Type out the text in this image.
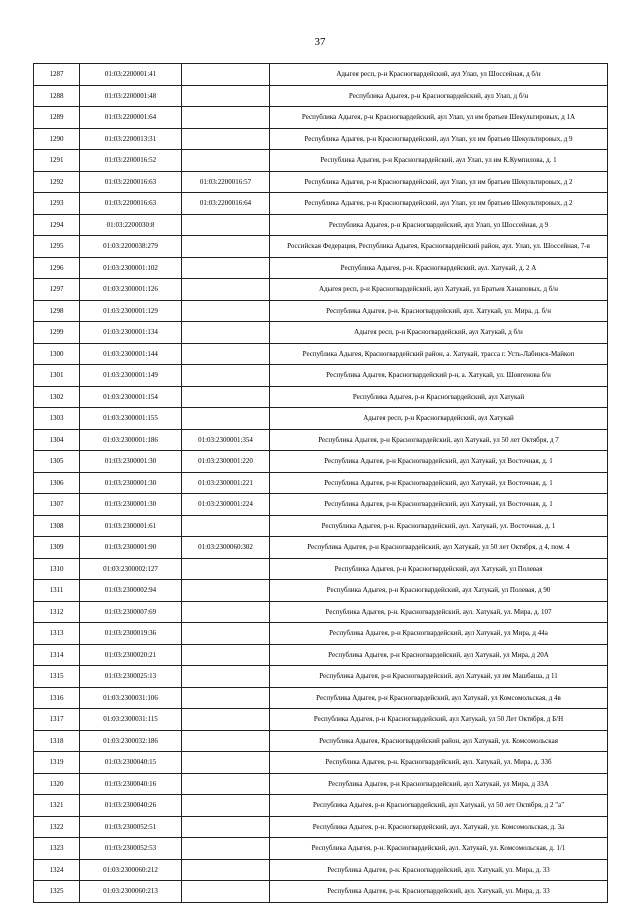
37
1287	01:03:2200001:41		Адыгея респ, р-н Красногвардейский, аул Улап, ул Шоссейная, д б/н
1288	01:03:2200001:48		Республика Адыгея, р-н Красногвардейский, аул Улап, д б/н
1289	01:03:2200001:64		Республика Адыгея, р-н Красногвардейский, аул Улап, ул им братьев Шекультировых, д 1А
1290	01:03:2200013:31		Республика Адыгея, р-н Красногвардейский, аул Улап, ул им братьев Шекультировых, д 9
1291	01:03:2200016:52		Республика Адыгея, р-н Красногвардейский, аул Улап, ул им К.Кумпилова, д. 1
1292	01:03:2200016:63	01:03:2200016:57	Республика Адыгея, р-н Красногвардейский, аул Улап, ул им братьев Шекультировых, д 2
1293	01:03:2200016:63	01:03:2200016:64	Республика Адыгея, р-н Красногвардейский, аул Улап, ул им братьев Шекультировых, д 2
1294	01:03:2200030:8		Республика Адыгея, р-н Красногвардейский, аул Улап, ул Шоссейная, д 9
1295	01:03:2200038:279		Российская Федерация, Республика Адыгея, Красногвардейский район, аул. Улап, ул. Шоссейная, 7-в
1296	01:03:2300001:102		Республика Адыгея, р-н. Красногвардейский, аул. Хатукай, д. 2 А
1297	01:03:2300001:126		Адыгея респ, р-н Красногвардейский, аул Хатукай, ул Братьев Ханаповых, д б/н
1298	01:03:2300001:129		Республика Адыгея, р-н. Красногвардейский, аул. Хатукай, ул. Мира, д. б/н
1299	01:03:2300001:134		Адыгея респ, р-н Красногвардейский, аул Хатукай, д б/н
1300	01:03:2300001:144		Республика Адыгея, Красногвардейский район, а. Хатукай, трасса г. Усть-Лабинск-Майкоп
1301	01:03:2300001:149		Республика Адыгея, Красногвардейский р-н, а. Хатукай, ул. Шовгенова б/н
1302	01:03:2300001:154		Республика Адыгея, р-н Красногвардейский, аул Хатукай
1303	01:03:2300001:155		Адыгея респ, р-н Красногвардейский, аул Хатукай
1304	01:03:2300001:186	01:03:2300001:354	Республика Адыгея, р-н Красногвардейский, аул Хатукай, ул 50 лет Октября, д 7
1305	01:03:2300001:30	01:03:2300001:220	Республика Адыгея, р-н Красногвардейский, аул Хатукай, ул Восточная, д. 1
1306	01:03:2300001:30	01:03:2300001:221	Республика Адыгея, р-н Красногвардейский, аул Хатукай, ул Восточная, д. 1
1307	01:03:2300001:30	01:03:2300001:224	Республика Адыгея, р-н Красногвардейский, аул Хатукай, ул Восточная, д. 1
1308	01:03:2300001:61		Республика Адыгея, р-н. Красногвардейский, аул. Хатукай, ул. Восточная, д. 1
1309	01:03:2300001:90	01:03:2300060:302	Республика Адыгея, р-н Красногвардейский, аул Хатукай, ул 50 лет Октября, д 4, пом. 4
1310	01:03:2300002:127		Республика Адыгея, р-н Красногвардейский, аул Хатукай, ул Полевая
1311	01:03:2300002:94		Республика Адыгея, р-н Красногвардейский, аул Хатукай, ул Полевая, д 90
1312	01:03:2300007:69		Республика Адыгея, р-н. Красногвардейский, аул. Хатукай, ул. Мира, д. 107
1313	01:03:2300019:36		Республика Адыгея, р-н Красногвардейский, аул Хатукай, ул Мира, д 44а
1314	01:03:2300020:21		Республика Адыгея, р-н Красногвардейский, аул Хатукай, ул Мира, д 20А
1315	01:03:2300025:13		Республика Адыгея, р-н Красногвардейский, аул Хатукай, ул им Машбаша, д 11
1316	01:03:2300031:106		Республика Адыгея, р-н Красногвардейский, аул Хатукай, ул Комсомольская, д 4в
1317	01:03:2300031:115		Республика Адыгея, р-н Красногвардейский, аул Хатукай, ул 50 Лет Октября, д Б/Н
1318	01:03:2300032:186		Республика Адыгея, Красногвардейский район, аул Хатукай, ул. Комсомольская
1319	01:03:2300040:15		Республика Адыгея, р-н. Красногвардейский, аул. Хатукай, ул. Мира, д. 33б
1320	01:03:2300040:16		Республика Адыгея, р-н Красногвардейский, аул Хатукай, ул Мира, д 33А
1321	01:03:2300040:26		Республика Адыгея, р-н Красногвардейский, аул Хатукай, ул 50 лет Октября, д 2 "а"
1322	01:03:2300052:51		Республика Адыгея, р-н. Красногвардейский, аул. Хатукай, ул. Комсомольская, д. 3а
1323	01:03:2300052:53		Республика Адыгея, р-н. Красногвардейский, аул. Хатукай, ул. Комсомольская, д. 1/1
1324	01:03:2300060:212		Республика Адыгея, р-н. Красногвардейский, аул. Хатукай, ул. Мира, д. 33
1325	01:03:2300060:213		Республика Адыгея, р-н. Красногвардейский, аул. Хатукай, ул. Мира, д. 33
